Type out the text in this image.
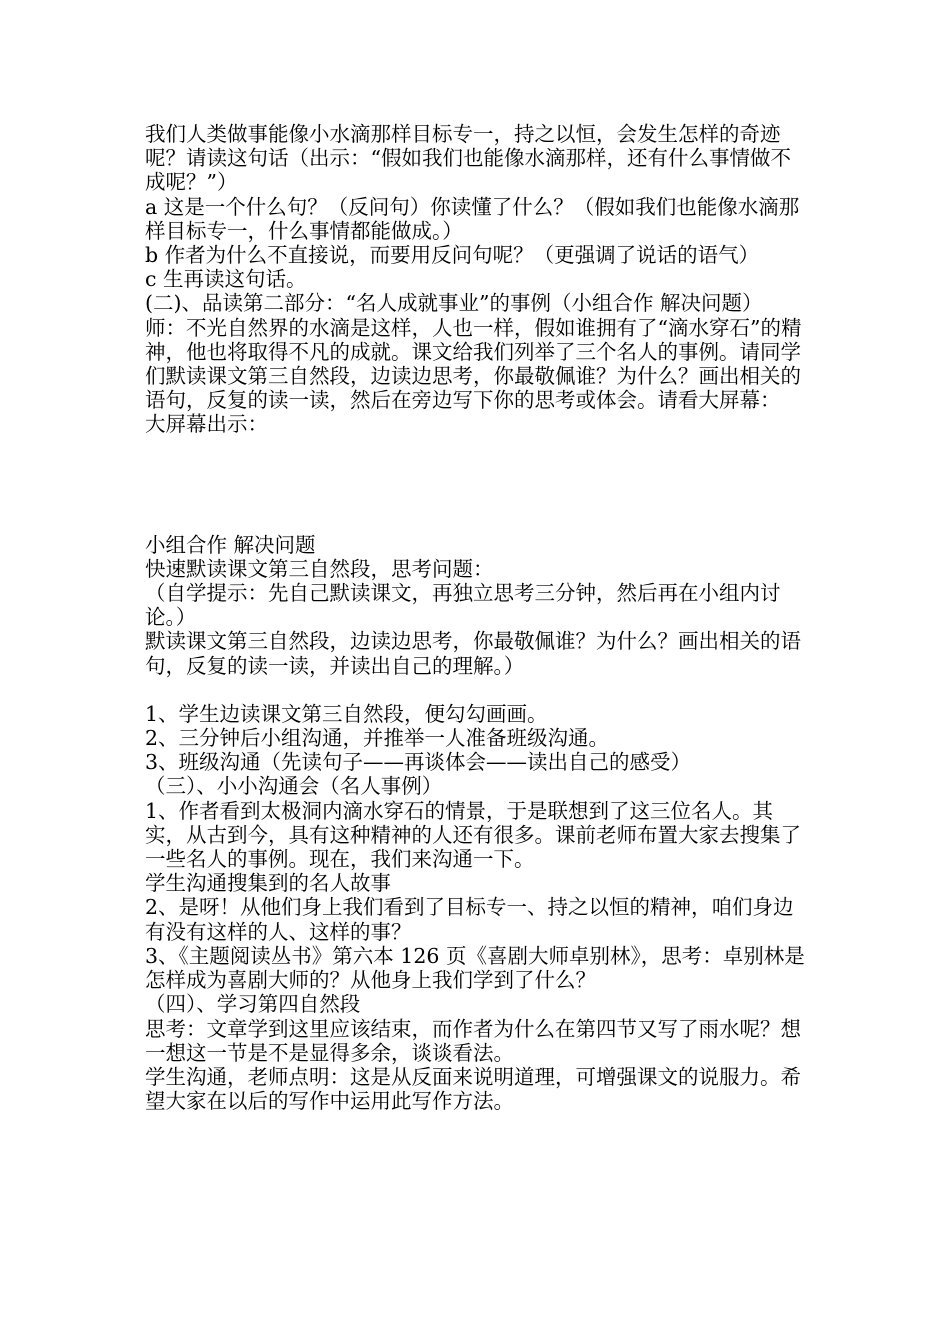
我们人类做事能像小水滴那样目标专一，持之以恒，会发生怎样的奇迹呢？请读这句话（出示：“假如我们也能像水滴那样，还有什么事情做不成呢？”）

a 这是一个什么句？（反问句）你读懂了什么？（假如我们也能像水滴那样目标专一，什么事情都能做成。）

b 作者为什么不直接说，而要用反问句呢？（更强调了说话的语气）

c 生再读这句话。

(二)、品读第二部分：“名人成就事业”的事例（小组合作 解决问题）

师：不光自然界的水滴是这样，人也一样，假如谁拥有了“滴水穿石”的精神，他也将取得不凡的成就。课文给我们列举了三个名人的事例。请同学们默读课文第三自然段，边读边思考，你最敬佩谁？为什么？画出相关的语句，反复的读一读，然后在旁边写下你的思考或体会。请看大屏幕：

大屏幕出示：

小组合作 解决问题

快速默读课文第三自然段，思考问题：

（自学提示：先自己默读课文，再独立思考三分钟，然后再在小组内讨论。）

默读课文第三自然段，边读边思考，你最敬佩谁？为什么？画出相关的语句，反复的读一读，并读出自己的理解。）

1、学生边读课文第三自然段，便勾勾画画。

2、三分钟后小组沟通，并推举一人准备班级沟通。

3、班级沟通（先读句子——再谈体会——读出自己的感受）

（三）、小小沟通会（名人事例）

1、作者看到太极洞内滴水穿石的情景，于是联想到了这三位名人。其实，从古到今，具有这种精神的人还有很多。课前老师布置大家去搜集了一些名人的事例。现在，我们来沟通一下。

学生沟通搜集到的名人故事

2、是呀！从他们身上我们看到了目标专一、持之以恒的精神，咱们身边有没有这样的人、这样的事？

3、《主题阅读丛书》第六本 126 页《喜剧大师卓别林》，思考：卓别林是怎样成为喜剧大师的？从他身上我们学到了什么？

（四）、学习第四自然段

思考：文章学到这里应该结束，而作者为什么在第四节又写了雨水呢？想一想这一节是不是显得多余，谈谈看法。

学生沟通，老师点明：这是从反面来说明道理，可增强课文的说服力。希望大家在以后的写作中运用此写作方法。
